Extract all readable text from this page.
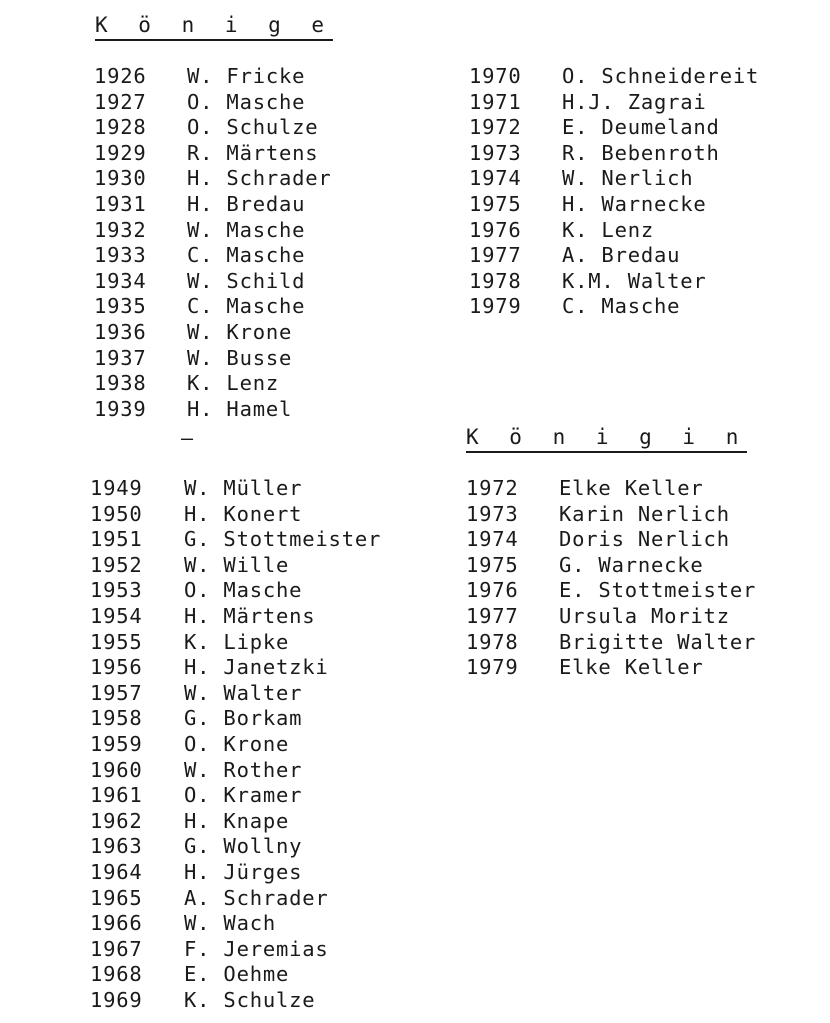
K ö n i g e
1926	W. Fricke
1927	O. Masche
1928	O. Schulze
1929	R. Märtens
1930	H. Schrader
1931	H. Bredau
1932	W. Masche
1933	C. Masche
1934	W. Schild
1935	C. Masche
1936	W. Krone
1937	W. Busse
1938	K. Lenz
1939	H. Hamel
–
1949	W. Müller
1950	H. Konert
1951	G. Stottmeister
1952	W. Wille
1953	O. Masche
1954	H. Märtens
1955	K. Lipke
1956	H. Janetzki
1957	W. Walter
1958	G. Borkam
1959	O. Krone
1960	W. Rother
1961	O. Kramer
1962	H. Knape
1963	G. Wollny
1964	H. Jürges
1965	A. Schrader
1966	W. Wach
1967	F. Jeremias
1968	E. Oehme
1969	K. Schulze
1970	O. Schneidereit
1971	H.J. Zagrai
1972	E. Deumeland
1973	R. Bebenroth
1974	W. Nerlich
1975	H. Warnecke
1976	K. Lenz
1977	A. Bredau
1978	K.M. Walter
1979	C. Masche
K ö n i g i n
1972	Elke Keller
1973	Karin Nerlich
1974	Doris Nerlich
1975	G. Warnecke
1976	E. Stottmeister
1977	Ursula Moritz
1978	Brigitte Walter
1979	Elke Keller
